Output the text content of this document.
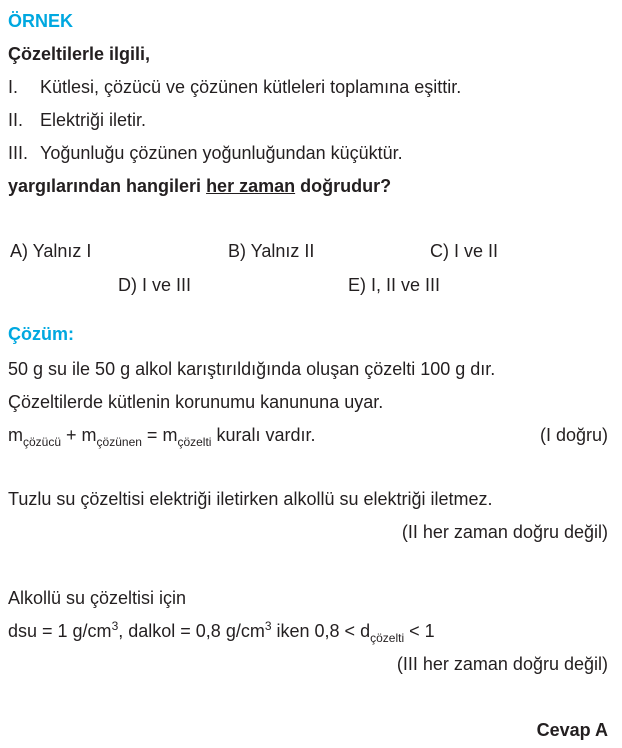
ÖRNEK
Çözeltilerle ilgili,
I. Kütlesi, çözücü ve çözünen kütleleri toplamına eşittir.
II. Elektriği iletir.
III. Yoğunluğu çözünen yoğunluğundan küçüktür.
yargılarından hangileri her zaman doğrudur?
A) Yalnız I	B) Yalnız II	C) I ve II
D) I ve III	E) I, II ve III
Çözüm:
50 g su ile 50 g alkol karıştırıldığında oluşan çözelti 100 g dır.
Çözeltilerde kütlenin korunumu kanununa uyar.
$m_{çözücü} + m_{çözünen} = m_{çözelti}$ kuralı vardır.	(I doğru)
Tuzlu su çözeltisi elektriği iletirken alkollü su elektriği iletmez.
(II her zaman doğru değil)
Alkollü su çözeltisi için
dsu = 1 $g/cm^3$, dalkol = 0,8 $g/cm^3$ iken $0,8 < d_{çözelti} < 1$
(III her zaman doğru değil)
Cevap A
